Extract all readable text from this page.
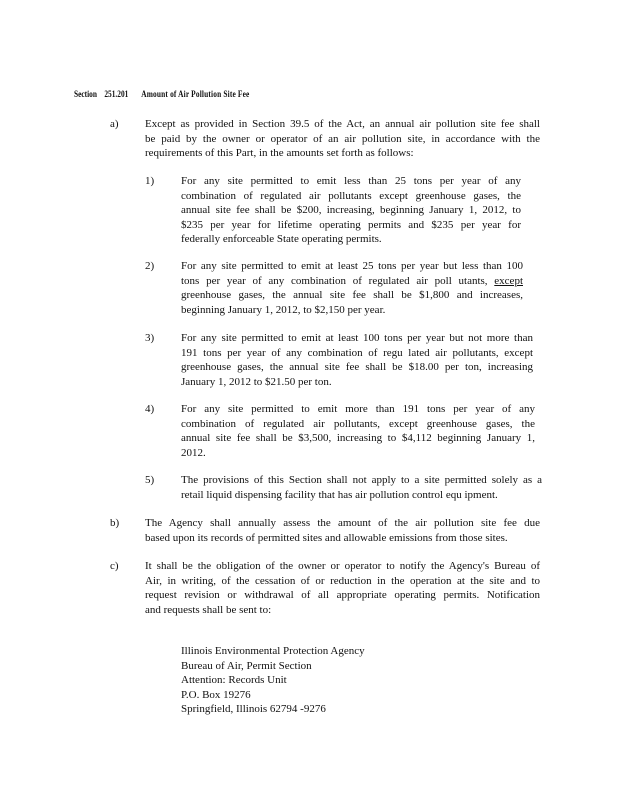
Section 251.201 Amount of Air Pollution Site Fee
a) Except as provided in Section 39.5 of the Act, an annual air pollution site fee shall
be paid by the owner or operator of an air pollution site, in accordance with the
requirements of this Part, in the amounts set forth as follows:
1) For any site permitted to emit less than 25 tons per year of any
combination of regulated air pollutants except greenhouse gases, the
annual site fee shall be $200, increasing, beginning January 1, 2012, to
$235 per year for lifetime operating permits and $235 per year for
federally enforceable State operating permits.
2) For any site permitted to emit at least 25 tons per year but less than 100
tons per year of any combination of regulated air poll utants, except
greenhouse gases, the annual site fee shall be $1,800 and increases,
beginning January 1, 2012, to $2,150 per year.
3) For any site permitted to emit at least 100 tons per year but not more than
191 tons per year of any combination of regu lated air pollutants, except
greenhouse gases, the annual site fee shall be $18.00 per ton, increasing
January 1, 2012 to $21.50 per ton.
4) For any site permitted to emit more than 191 tons per year of any
combination of regulated air pollutants, except greenhouse gases, the
annual site fee shall be $3,500, increasing to $4,112 beginning January 1,
2012.
5) The provisions of this Section shall not apply to a site permitted solely as a
retail liquid dispensing facility that has air pollution control equ ipment.
b) The Agency shall annually assess the amount of the air pollution site fee due
based upon its records of permitted sites and allowable emissions from those sites.
c) It shall be the obligation of the owner or operator to notify the Agency's Bureau of
Air, in writing, of the cessation of or reduction in the operation at the site and to
request revision or withdrawal of all appropriate operating permits. Notification
and requests shall be sent to:
Illinois Environmental Protection Agency
Bureau of Air, Permit Section
Attention: Records Unit
P.O. Box 19276
Springfield, Illinois 62794 -9276
